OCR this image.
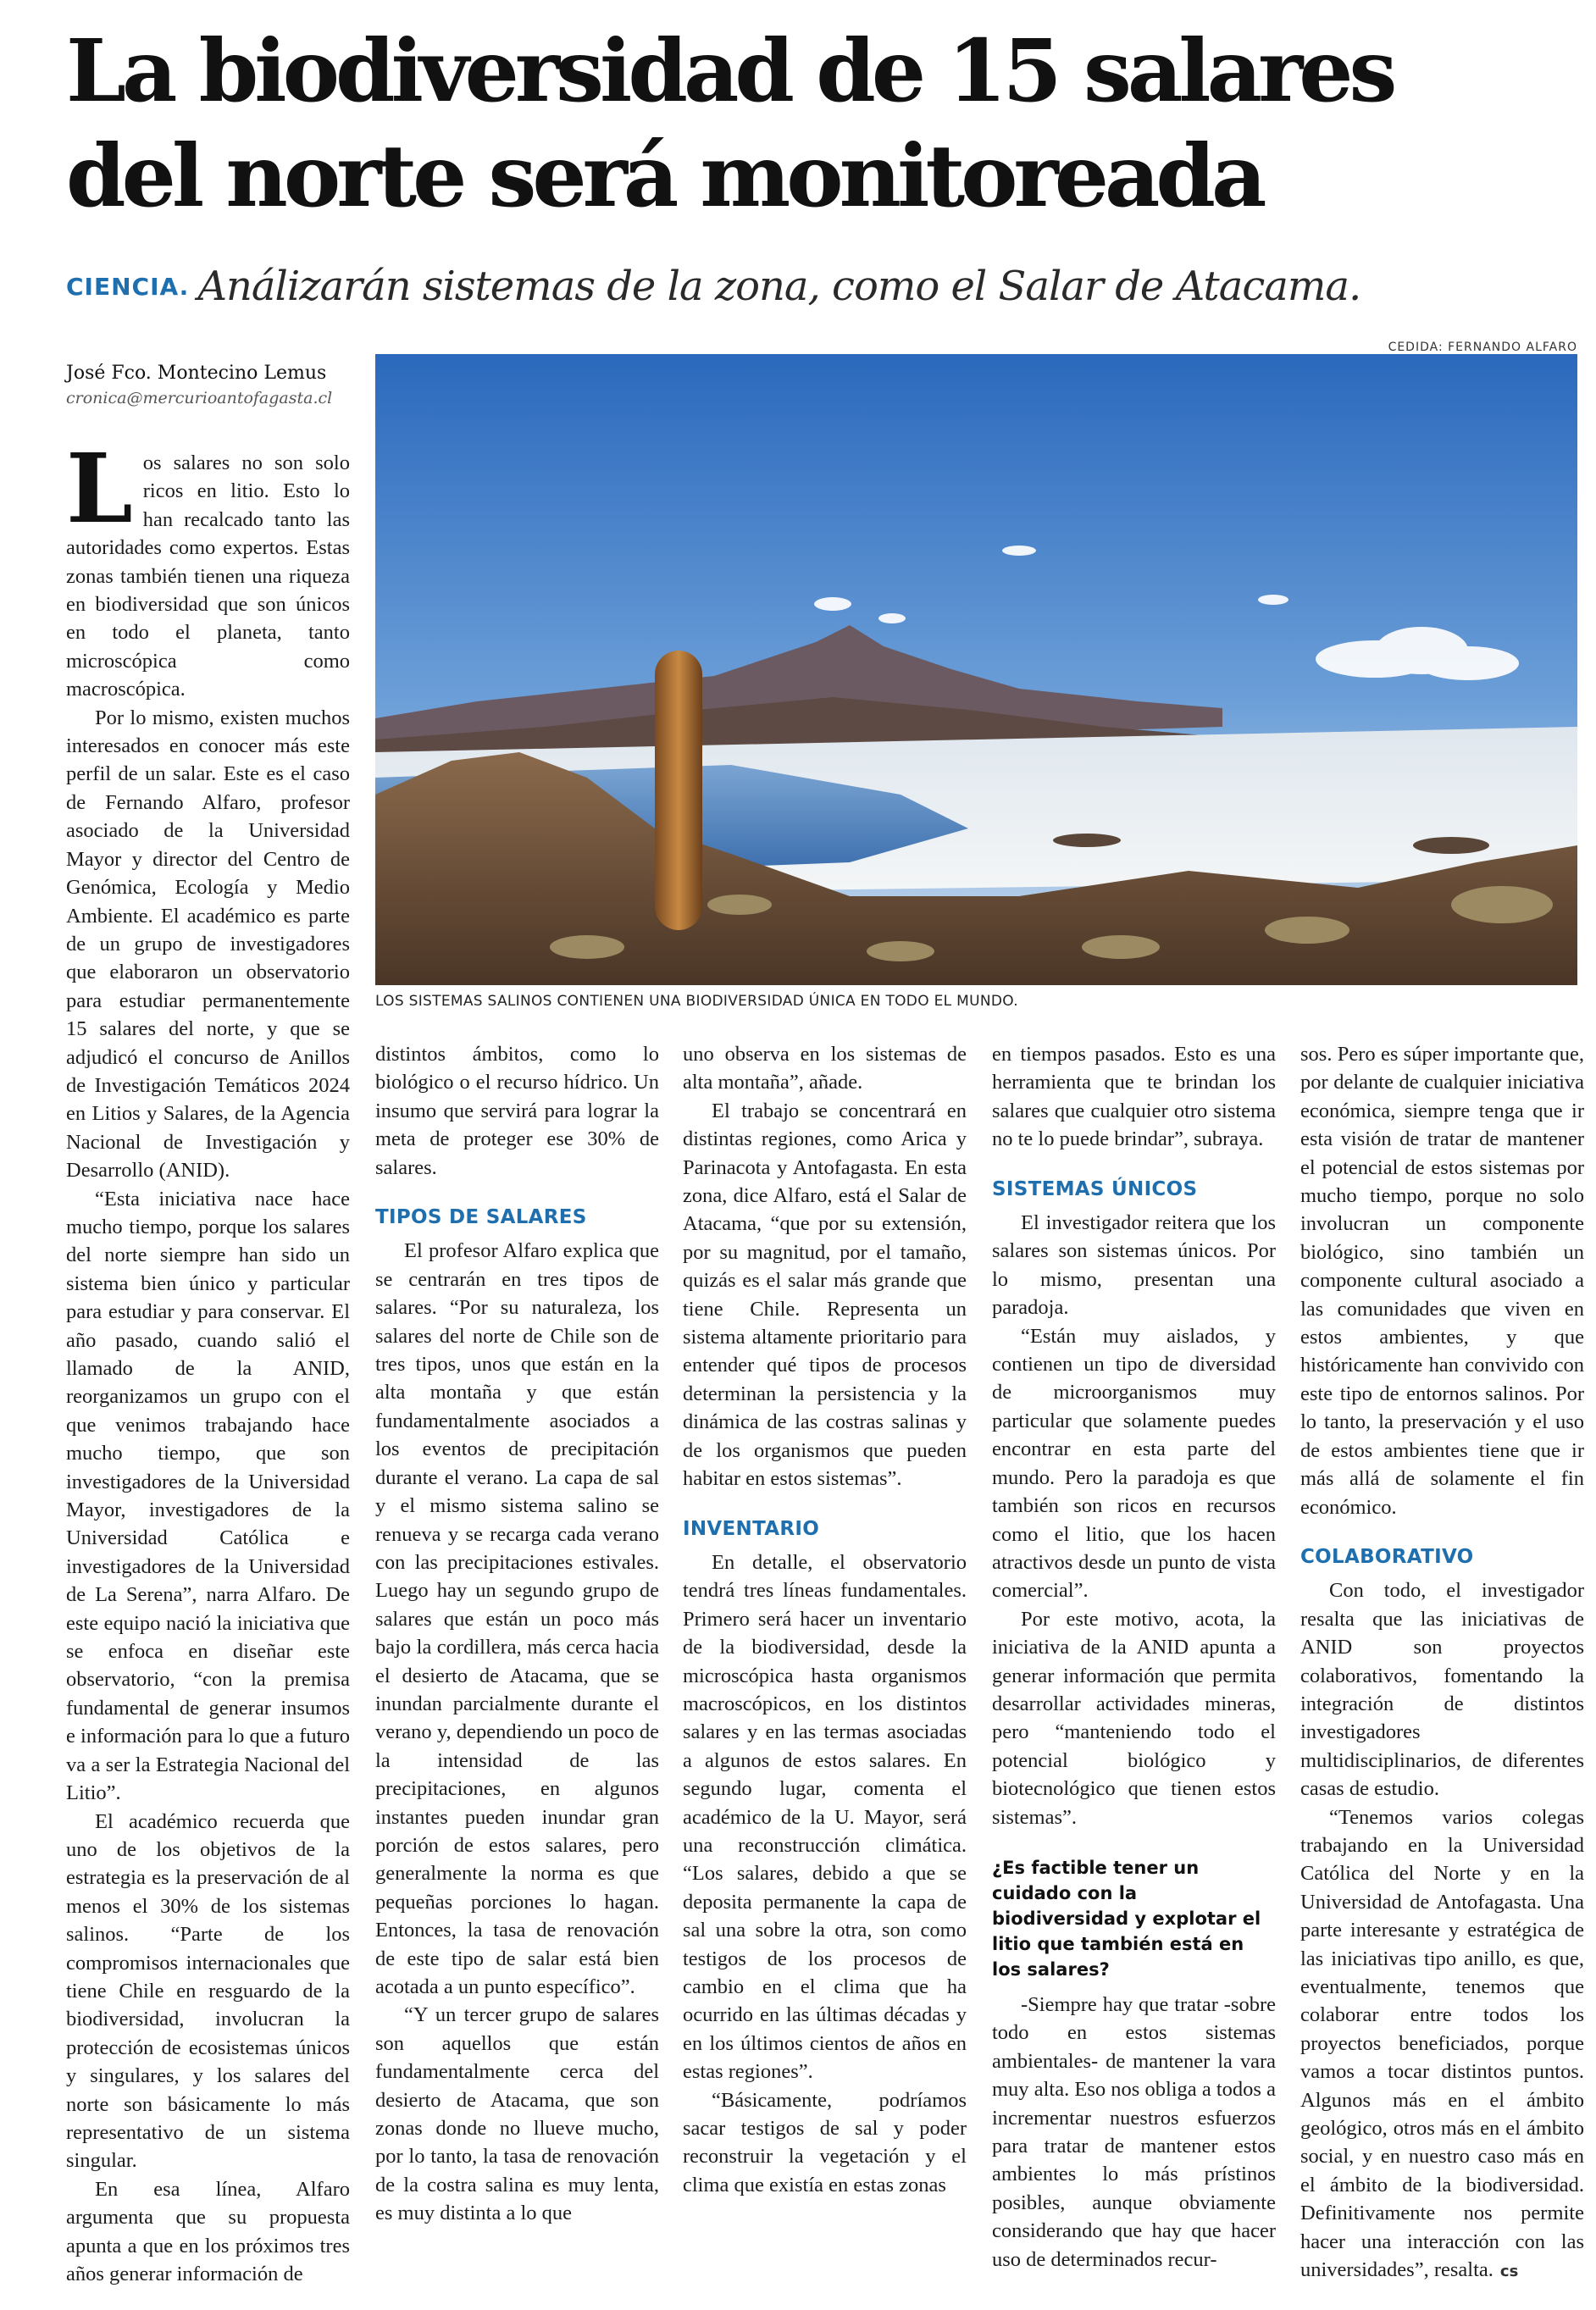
La biodiversidad de 15 salares del norte será monitoreada
CIENCIA. Análizarán sistemas de la zona, como el Salar de Atacama.
CEDIDA: FERNANDO ALFARO
José Fco. Montecino Lemus
cronica@mercurioantofagasta.cl
LOS SISTEMAS SALINOS CONTIENEN UNA BIODIVERSIDAD ÚNICA EN TODO EL MUNDO.

Los salares no son solo ricos en litio. Esto lo han recalcado tanto las autoridades como expertos. Estas zonas también tienen una riqueza en biodiversidad que son únicos en todo el planeta, tanto microscópica como macroscópica.

Por lo mismo, existen muchos interesados en conocer más este perfil de un salar. Este es el caso de Fernando Alfaro, profesor asociado de la Universidad Mayor y director del Centro de Genómica, Ecología y Medio Ambiente. El académico es parte de un grupo de investigadores que elaboraron un observatorio para estudiar permanentemente 15 salares del norte, y que se adjudicó el concurso de Anillos de Investigación Temáticos 2024 en Litios y Salares, de la Agencia Nacional de Investigación y Desarrollo (ANID).

“Esta iniciativa nace hace mucho tiempo, porque los salares del norte siempre han sido un sistema bien único y particular para estudiar y para conservar. El año pasado, cuando salió el llamado de la ANID, reorganizamos un grupo con el que venimos trabajando hace mucho tiempo, que son investigadores de la Universidad Mayor, investigadores de la Universidad Católica e investigadores de la Universidad de La Serena”, narra Alfaro. De este equipo nació la iniciativa que se enfoca en diseñar este observatorio, “con la premisa fundamental de generar insumos e información para lo que a futuro va a ser la Estrategia Nacional del Litio”.

El académico recuerda que uno de los objetivos de la estrategia es la preservación de al menos el 30% de los sistemas salinos. “Parte de los compromisos internacionales que tiene Chile en resguardo de la biodiversidad, involucran la protección de ecosistemas únicos y singulares, y los salares del norte son básicamente lo más representativo de un sistema singular.

En esa línea, Alfaro argumenta que su propuesta apunta a que en los próximos tres años generar información de

distintos ámbitos, como lo biológico o el recurso hídrico. Un insumo que servirá para lograr la meta de proteger ese 30% de salares.

TIPOS DE SALARES

El profesor Alfaro explica que se centrarán en tres tipos de salares. “Por su naturaleza, los salares del norte de Chile son de tres tipos, unos que están en la alta montaña y que están fundamentalmente asociados a los eventos de precipitación durante el verano. La capa de sal y el mismo sistema salino se renueva y se recarga cada verano con las precipitaciones estivales. Luego hay un segundo grupo de salares que están un poco más bajo la cordillera, más cerca hacia el desierto de Atacama, que se inundan parcialmente durante el verano y, dependiendo un poco de la intensidad de las precipitaciones, en algunos instantes pueden inundar gran porción de estos salares, pero generalmente la norma es que pequeñas porciones lo hagan. Entonces, la tasa de renovación de este tipo de salar está bien acotada a un punto específico”.

“Y un tercer grupo de salares son aquellos que están fundamentalmente cerca del desierto de Atacama, que son zonas donde no llueve mucho, por lo tanto, la tasa de renovación de la costra salina es muy lenta, es muy distinta a lo que

uno observa en los sistemas de alta montaña”, añade.

El trabajo se concentrará en distintas regiones, como Arica y Parinacota y Antofagasta. En esta zona, dice Alfaro, está el Salar de Atacama, “que por su extensión, por su magnitud, por el tamaño, quizás es el salar más grande que tiene Chile. Representa un sistema altamente prioritario para entender qué tipos de procesos determinan la persistencia y la dinámica de las costras salinas y de los organismos que pueden habitar en estos sistemas”.

INVENTARIO

En detalle, el observatorio tendrá tres líneas fundamentales. Primero será hacer un inventario de la biodiversidad, desde la microscópica hasta organismos macroscópicos, en los distintos salares y en las termas asociadas a algunos de estos salares. En segundo lugar, comenta el académico de la U. Mayor, será una reconstrucción climática. “Los salares, debido a que se deposita permanente la capa de sal una sobre la otra, son como testigos de los procesos de cambio en el clima que ha ocurrido en las últimas décadas y en los últimos cientos de años en estas regiones”.

“Básicamente, podríamos sacar testigos de sal y poder reconstruir la vegetación y el clima que existía en estas zonas

en tiempos pasados. Esto es una herramienta que te brindan los salares que cualquier otro sistema no te lo puede brindar”, subraya.

SISTEMAS ÚNICOS

El investigador reitera que los salares son sistemas únicos. Por lo mismo, presentan una paradoja.

“Están muy aislados, y contienen un tipo de diversidad de microorganismos muy particular que solamente puedes encontrar en esta parte del mundo. Pero la paradoja es que también son ricos en recursos como el litio, que los hacen atractivos desde un punto de vista comercial”.

Por este motivo, acota, la iniciativa de la ANID apunta a generar información que permita desarrollar actividades mineras, pero “manteniendo todo el potencial biológico y biotecnológico que tienen estos sistemas”.

¿Es factible tener un cuidado con la biodiversidad y explotar el litio que también está en los salares?

-Siempre hay que tratar -sobre todo en estos sistemas ambientales- de mantener la vara muy alta. Eso nos obliga a todos a incrementar nuestros esfuerzos para tratar de mantener estos ambientes lo más prístinos posibles, aunque obviamente considerando que hay que hacer uso de determinados recur-

sos. Pero es súper importante que, por delante de cualquier iniciativa económica, siempre tenga que ir esta visión de tratar de mantener el potencial de estos sistemas por mucho tiempo, porque no solo involucran un componente biológico, sino también un componente cultural asociado a las comunidades que viven en estos ambientes, y que históricamente han convivido con este tipo de entornos salinos. Por lo tanto, la preservación y el uso de estos ambientes tiene que ir más allá de solamente el fin económico.

COLABORATIVO

Con todo, el investigador resalta que las iniciativas de ANID son proyectos colaborativos, fomentando la integración de distintos investigadores multidisciplinarios, de diferentes casas de estudio.

“Tenemos varios colegas trabajando en la Universidad Católica del Norte y en la Universidad de Antofagasta. Una parte interesante y estratégica de las iniciativas tipo anillo, es que, eventualmente, tenemos que colaborar entre todos los proyectos beneficiados, porque vamos a tocar distintos puntos. Algunos más en el ámbito geológico, otros más en el ámbito social, y en nuestro caso más en el ámbito de la biodiversidad. Definitivamente nos permite hacer una interacción con las universidades”, resalta. cs
